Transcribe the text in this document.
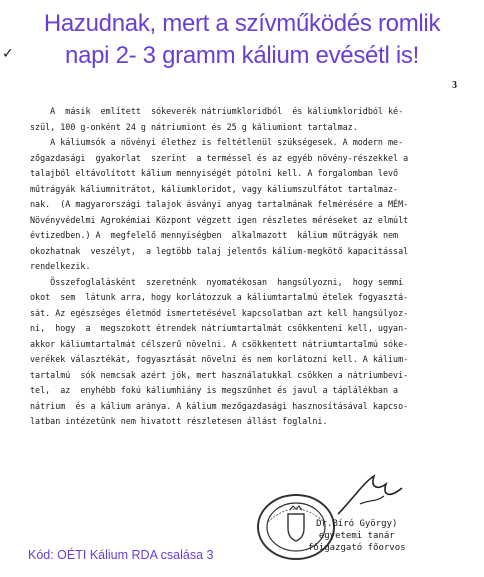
✓
Hazudnak, mert a szívműködés romlik
napi 2- 3 gramm kálium evésétl is!
3
A  másik  említett  sókeverék nátriumkloridból  és káliumkloridból ké-
szül, 100 g-onként 24 g nátriumiont és 25 g káliumiont tartalmaz.
A káliumsók a növényi élethez is feltétlenül szükségesek. A modern me-
zőgazdasági  gyakorlat  szerint  a terméssel és az egyéb növény-részekkel a
talajból eltávolított kálium mennyiségét pótolni kell. A forgalomban levő
műtrágyák káliumnitrátot, káliumkloridot, vagy káliumszulfátot tartalmaz-
nak.  (A magyarországi talajok ásványi anyag tartalmának felmérésére a MÉM-
Növényvédelmi Agrokémiai Központ végzett igen részletes méréseket az elmúlt
évtizedben.) A  megfelelő mennyiségben  alkalmazott  kálium műtrágyák nem
okozhatnak  veszélyt,  a legtöbb talaj jelentős kálium-megkötő kapacitással
rendelkezik.
Összefoglalásként  szeretnénk  nyomatékosan  hangsúlyozni,  hogy semmi
okot  sem  látunk arra, hogy korlátozzuk a káliumtartalmú ételek fogyasztá-
sát. Az egészséges életmód ismertetésével kapcsolatban azt kell hangsúlyoz-
ni,  hogy  a  megszokott étrendek nátriumtartalmát csökkenteni kell, ugyan-
akkor káliumtartalmát célszerű növelni. A csökkentett nátriumtartalmú sóke-
verékek választékát, fogyasztását növelni és nem korlátozni kell. A kálium-
tartalmú  sók nemcsak azért jók, mert használatukkal csökken a nátriumbevi-
tel,  az  enyhébb fokú káliumhiány is megszűnhet és javul a táplálékban a
nátrium  és a kálium aránya. A kálium mezőgazdasági hasznosításával kapcso-
latban intézetünk nem hivatott részletesen állást foglalni.
Dr.Bíró György)
egyetemi tanár
főigazgató főorvos
Kód: OÉTI Kálium RDA csalása 3
